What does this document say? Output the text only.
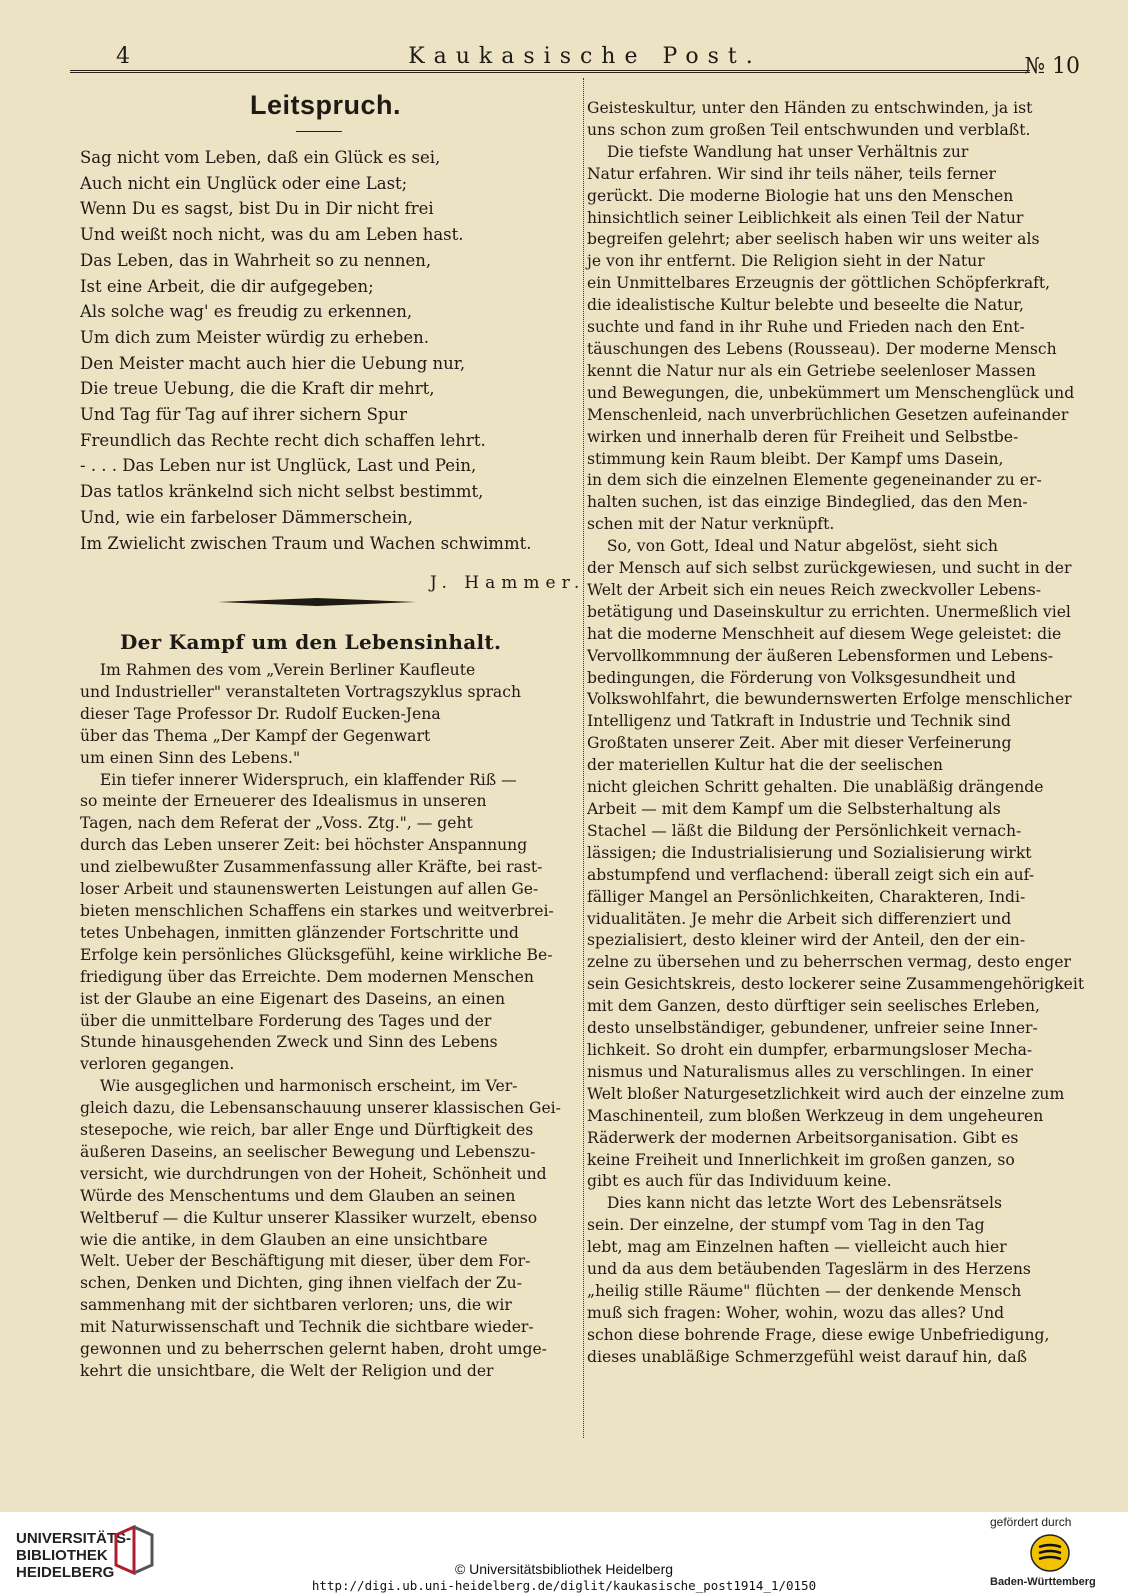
4	Kaukasische Post.	№ 10
Leitspruch.
Sag nicht vom Leben, daß ein Glück es sei,
Auch nicht ein Unglück oder eine Last;
Wenn Du es sagst, bist Du in Dir nicht frei
Und weißt noch nicht, was du am Leben hast.
Das Leben, das in Wahrheit so zu nennen,
Ist eine Arbeit, die dir aufgegeben;
Als solche wag' es freudig zu erkennen,
Um dich zum Meister würdig zu erheben.
Den Meister macht auch hier die Uebung nur,
Die treue Uebung, die die Kraft dir mehrt,
Und Tag für Tag auf ihrer sichern Spur
Freundlich das Rechte recht dich schaffen lehrt.
- . . . Das Leben nur ist Unglück, Last und Pein,
Das tatlos kränkelnd sich nicht selbst bestimmt,
Und, wie ein farbeloser Dämmerschein,
Im Zwielicht zwischen Traum und Wachen schwimmt.
J. Hammer.
Der Kampf um den Lebensinhalt.
Im Rahmen des vom „Verein Berliner Kaufleute
und Industrieller" veranstalteten Vortragszyklus sprach
dieser Tage Professor Dr. Rudolf Eucken-Jena
über das Thema „Der Kampf der Gegenwart
um einen Sinn des Lebens."
Ein tiefer innerer Widerspruch, ein klaffender Riß —
so meinte der Erneuerer des Idealismus in unseren
Tagen, nach dem Referat der „Voss. Ztg.", — geht
durch das Leben unserer Zeit: bei höchster Anspannung
und zielbewußter Zusammenfassung aller Kräfte, bei rast-
loser Arbeit und staunenswerten Leistungen auf allen Ge-
bieten menschlichen Schaffens ein starkes und weitverbrei-
tetes Unbehagen, inmitten glänzender Fortschritte und
Erfolge kein persönliches Glücksgefühl, keine wirkliche Be-
friedigung über das Erreichte. Dem modernen Menschen
ist der Glaube an eine Eigenart des Daseins, an einen
über die unmittelbare Forderung des Tages und der
Stunde hinausgehenden Zweck und Sinn des Lebens
verloren gegangen.
Wie ausgeglichen und harmonisch erscheint, im Ver-
gleich dazu, die Lebensanschauung unserer klassischen Gei-
stesepoche, wie reich, bar aller Enge und Dürftigkeit des
äußeren Daseins, an seelischer Bewegung und Lebenszu-
versicht, wie durchdrungen von der Hoheit, Schönheit und
Würde des Menschentums und dem Glauben an seinen
Weltberuf — die Kultur unserer Klassiker wurzelt, ebenso
wie die antike, in dem Glauben an eine unsichtbare
Welt. Ueber der Beschäftigung mit dieser, über dem For-
schen, Denken und Dichten, ging ihnen vielfach der Zu-
sammenhang mit der sichtbaren verloren; uns, die wir
mit Naturwissenschaft und Technik die sichtbare wieder-
gewonnen und zu beherrschen gelernt haben, droht umge-
kehrt die unsichtbare, die Welt der Religion und der
Geisteskultur, unter den Händen zu entschwinden, ja ist
uns schon zum großen Teil entschwunden und verblaßt.
Die tiefste Wandlung hat unser Verhältnis zur
Natur erfahren. Wir sind ihr teils näher, teils ferner
gerückt. Die moderne Biologie hat uns den Menschen
hinsichtlich seiner Leiblichkeit als einen Teil der Natur
begreifen gelehrt; aber seelisch haben wir uns weiter als
je von ihr entfernt. Die Religion sieht in der Natur
ein Unmittelbares Erzeugnis der göttlichen Schöpferkraft,
die idealistische Kultur belebte und beseelte die Natur,
suchte und fand in ihr Ruhe und Frieden nach den Ent-
täuschungen des Lebens (Rousseau). Der moderne Mensch
kennt die Natur nur als ein Getriebe seelenloser Massen
und Bewegungen, die, unbekümmert um Menschenglück und
Menschenleid, nach unverbrüchlichen Gesetzen aufeinander
wirken und innerhalb deren für Freiheit und Selbstbe-
stimmung kein Raum bleibt. Der Kampf ums Dasein,
in dem sich die einzelnen Elemente gegeneinander zu er-
halten suchen, ist das einzige Bindeglied, das den Men-
schen mit der Natur verknüpft.
So, von Gott, Ideal und Natur abgelöst, sieht sich
der Mensch auf sich selbst zurückgewiesen, und sucht in der
Welt der Arbeit sich ein neues Reich zweckvoller Lebens-
betätigung und Daseinskultur zu errichten. Unermeßlich viel
hat die moderne Menschheit auf diesem Wege geleistet: die
Vervollkommnung der äußeren Lebensformen und Lebens-
bedingungen, die Förderung von Volksgesundheit und
Volkswohlfahrt, die bewundernswerten Erfolge menschlicher
Intelligenz und Tatkraft in Industrie und Technik sind
Großtaten unserer Zeit. Aber mit dieser Verfeinerung
der materiellen Kultur hat die der seelischen
nicht gleichen Schritt gehalten. Die unabläßig drängende
Arbeit — mit dem Kampf um die Selbsterhaltung als
Stachel — läßt die Bildung der Persönlichkeit vernach-
lässigen; die Industrialisierung und Sozialisierung wirkt
abstumpfend und verflachend: überall zeigt sich ein auf-
fälliger Mangel an Persönlichkeiten, Charakteren, Indi-
vidualitäten. Je mehr die Arbeit sich differenziert und
spezialisiert, desto kleiner wird der Anteil, den der ein-
zelne zu übersehen und zu beherrschen vermag, desto enger
sein Gesichtskreis, desto lockerer seine Zusammengehörigkeit
mit dem Ganzen, desto dürftiger sein seelisches Erleben,
desto unselbständiger, gebundener, unfreier seine Inner-
lichkeit. So droht ein dumpfer, erbarmungsloser Mecha-
nismus und Naturalismus alles zu verschlingen. In einer
Welt bloßer Naturgesetzlichkeit wird auch der einzelne zum
Maschinenteil, zum bloßen Werkzeug in dem ungeheuren
Räderwerk der modernen Arbeitsorganisation. Gibt es
keine Freiheit und Innerlichkeit im großen ganzen, so
gibt es auch für das Individuum keine.
Dies kann nicht das letzte Wort des Lebensrätsels
sein. Der einzelne, der stumpf vom Tag in den Tag
lebt, mag am Einzelnen haften — vielleicht auch hier
und da aus dem betäubenden Tageslärm in des Herzens
„heilig stille Räume" flüchten — der denkende Mensch
muß sich fragen: Woher, wohin, wozu das alles? Und
schon diese bohrende Frage, diese ewige Unbefriedigung,
dieses unabläßige Schmerzgefühl weist darauf hin, daß
UNIVERSITÄTS-
BIBLIOTHEK
HEIDELBERG	© Universitätsbibliothek Heidelberg
http://digi.ub.uni-heidelberg.de/diglit/kaukasische_post1914_1/0150
gefördert durch
Baden-Württemberg
